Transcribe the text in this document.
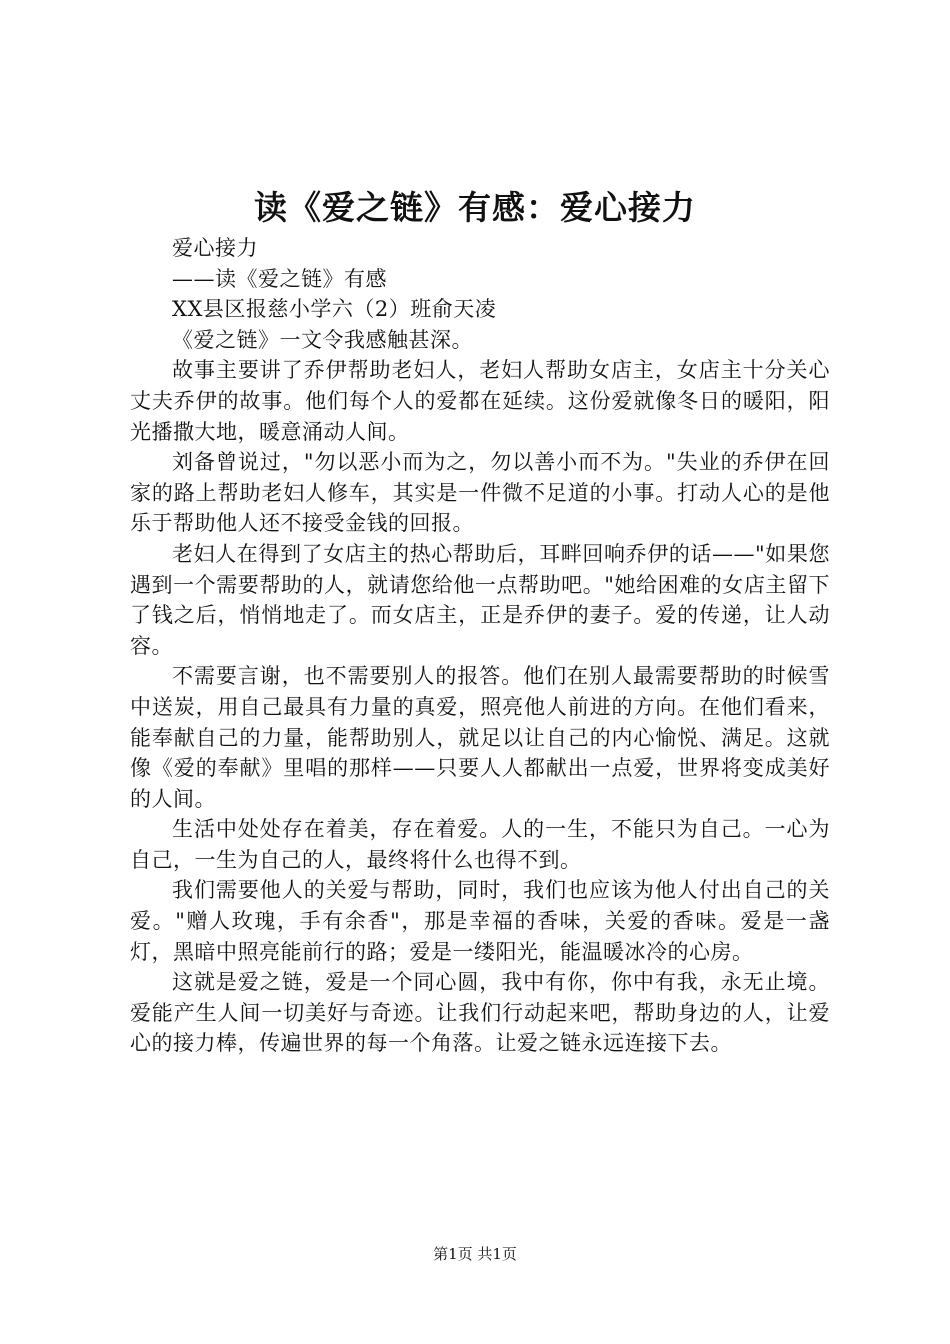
读《爱之链》有感：爱心接力

爱心接力

——读《爱之链》有感

XX县区报慈小学六（2）班俞天凌

《爱之链》一文令我感触甚深。

故事主要讲了乔伊帮助老妇人，老妇人帮助女店主，女店主十分关心丈夫乔伊的故事。他们每个人的爱都在延续。这份爱就像冬日的暖阳，阳光播撒大地，暖意涌动人间。

刘备曾说过，"勿以恶小而为之，勿以善小而不为。"失业的乔伊在回家的路上帮助老妇人修车，其实是一件微不足道的小事。打动人心的是他乐于帮助他人还不接受金钱的回报。

老妇人在得到了女店主的热心帮助后，耳畔回响乔伊的话——"如果您遇到一个需要帮助的人，就请您给他一点帮助吧。"她给困难的女店主留下了钱之后，悄悄地走了。而女店主，正是乔伊的妻子。爱的传递，让人动容。

不需要言谢，也不需要别人的报答。他们在别人最需要帮助的时候雪中送炭，用自己最具有力量的真爱，照亮他人前进的方向。在他们看来，能奉献自己的力量，能帮助别人，就足以让自己的内心愉悦、满足。这就像《爱的奉献》里唱的那样——只要人人都献出一点爱，世界将变成美好的人间。

生活中处处存在着美，存在着爱。人的一生，不能只为自己。一心为自己，一生为自己的人，最终将什么也得不到。

我们需要他人的关爱与帮助，同时，我们也应该为他人付出自己的关爱。"赠人玫瑰，手有余香"，那是幸福的香味，关爱的香味。爱是一盏灯，黑暗中照亮能前行的路；爱是一缕阳光，能温暖冰冷的心房。

这就是爱之链，爱是一个同心圆，我中有你，你中有我，永无止境。爱能产生人间一切美好与奇迹。让我们行动起来吧，帮助身边的人，让爱心的接力棒，传遍世界的每一个角落。让爱之链永远连接下去。

第1页 共1页
